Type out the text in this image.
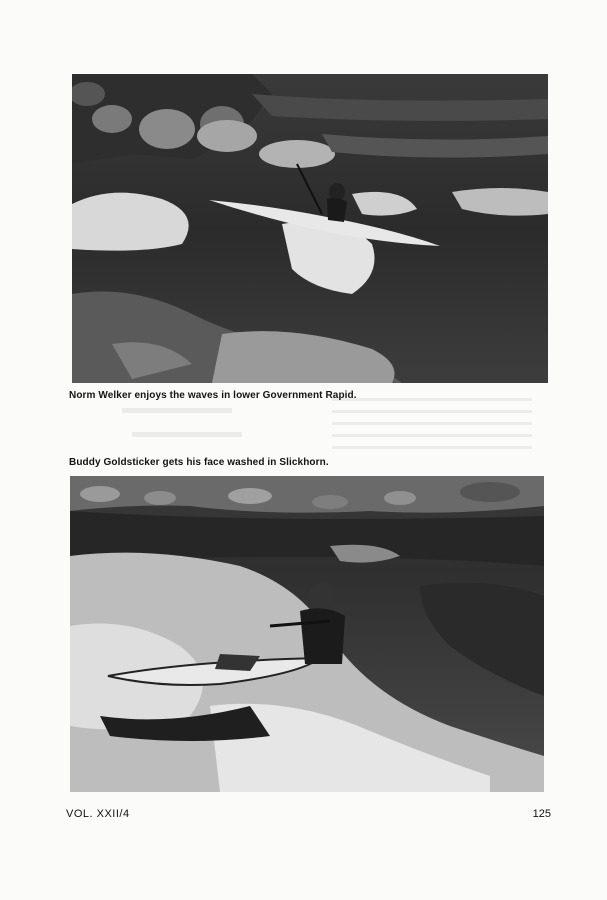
Norm Welker enjoys the waves in lower Government Rapid.
Buddy Goldsticker gets his face washed in Slickhorn.
VOL. XXII/4	125
